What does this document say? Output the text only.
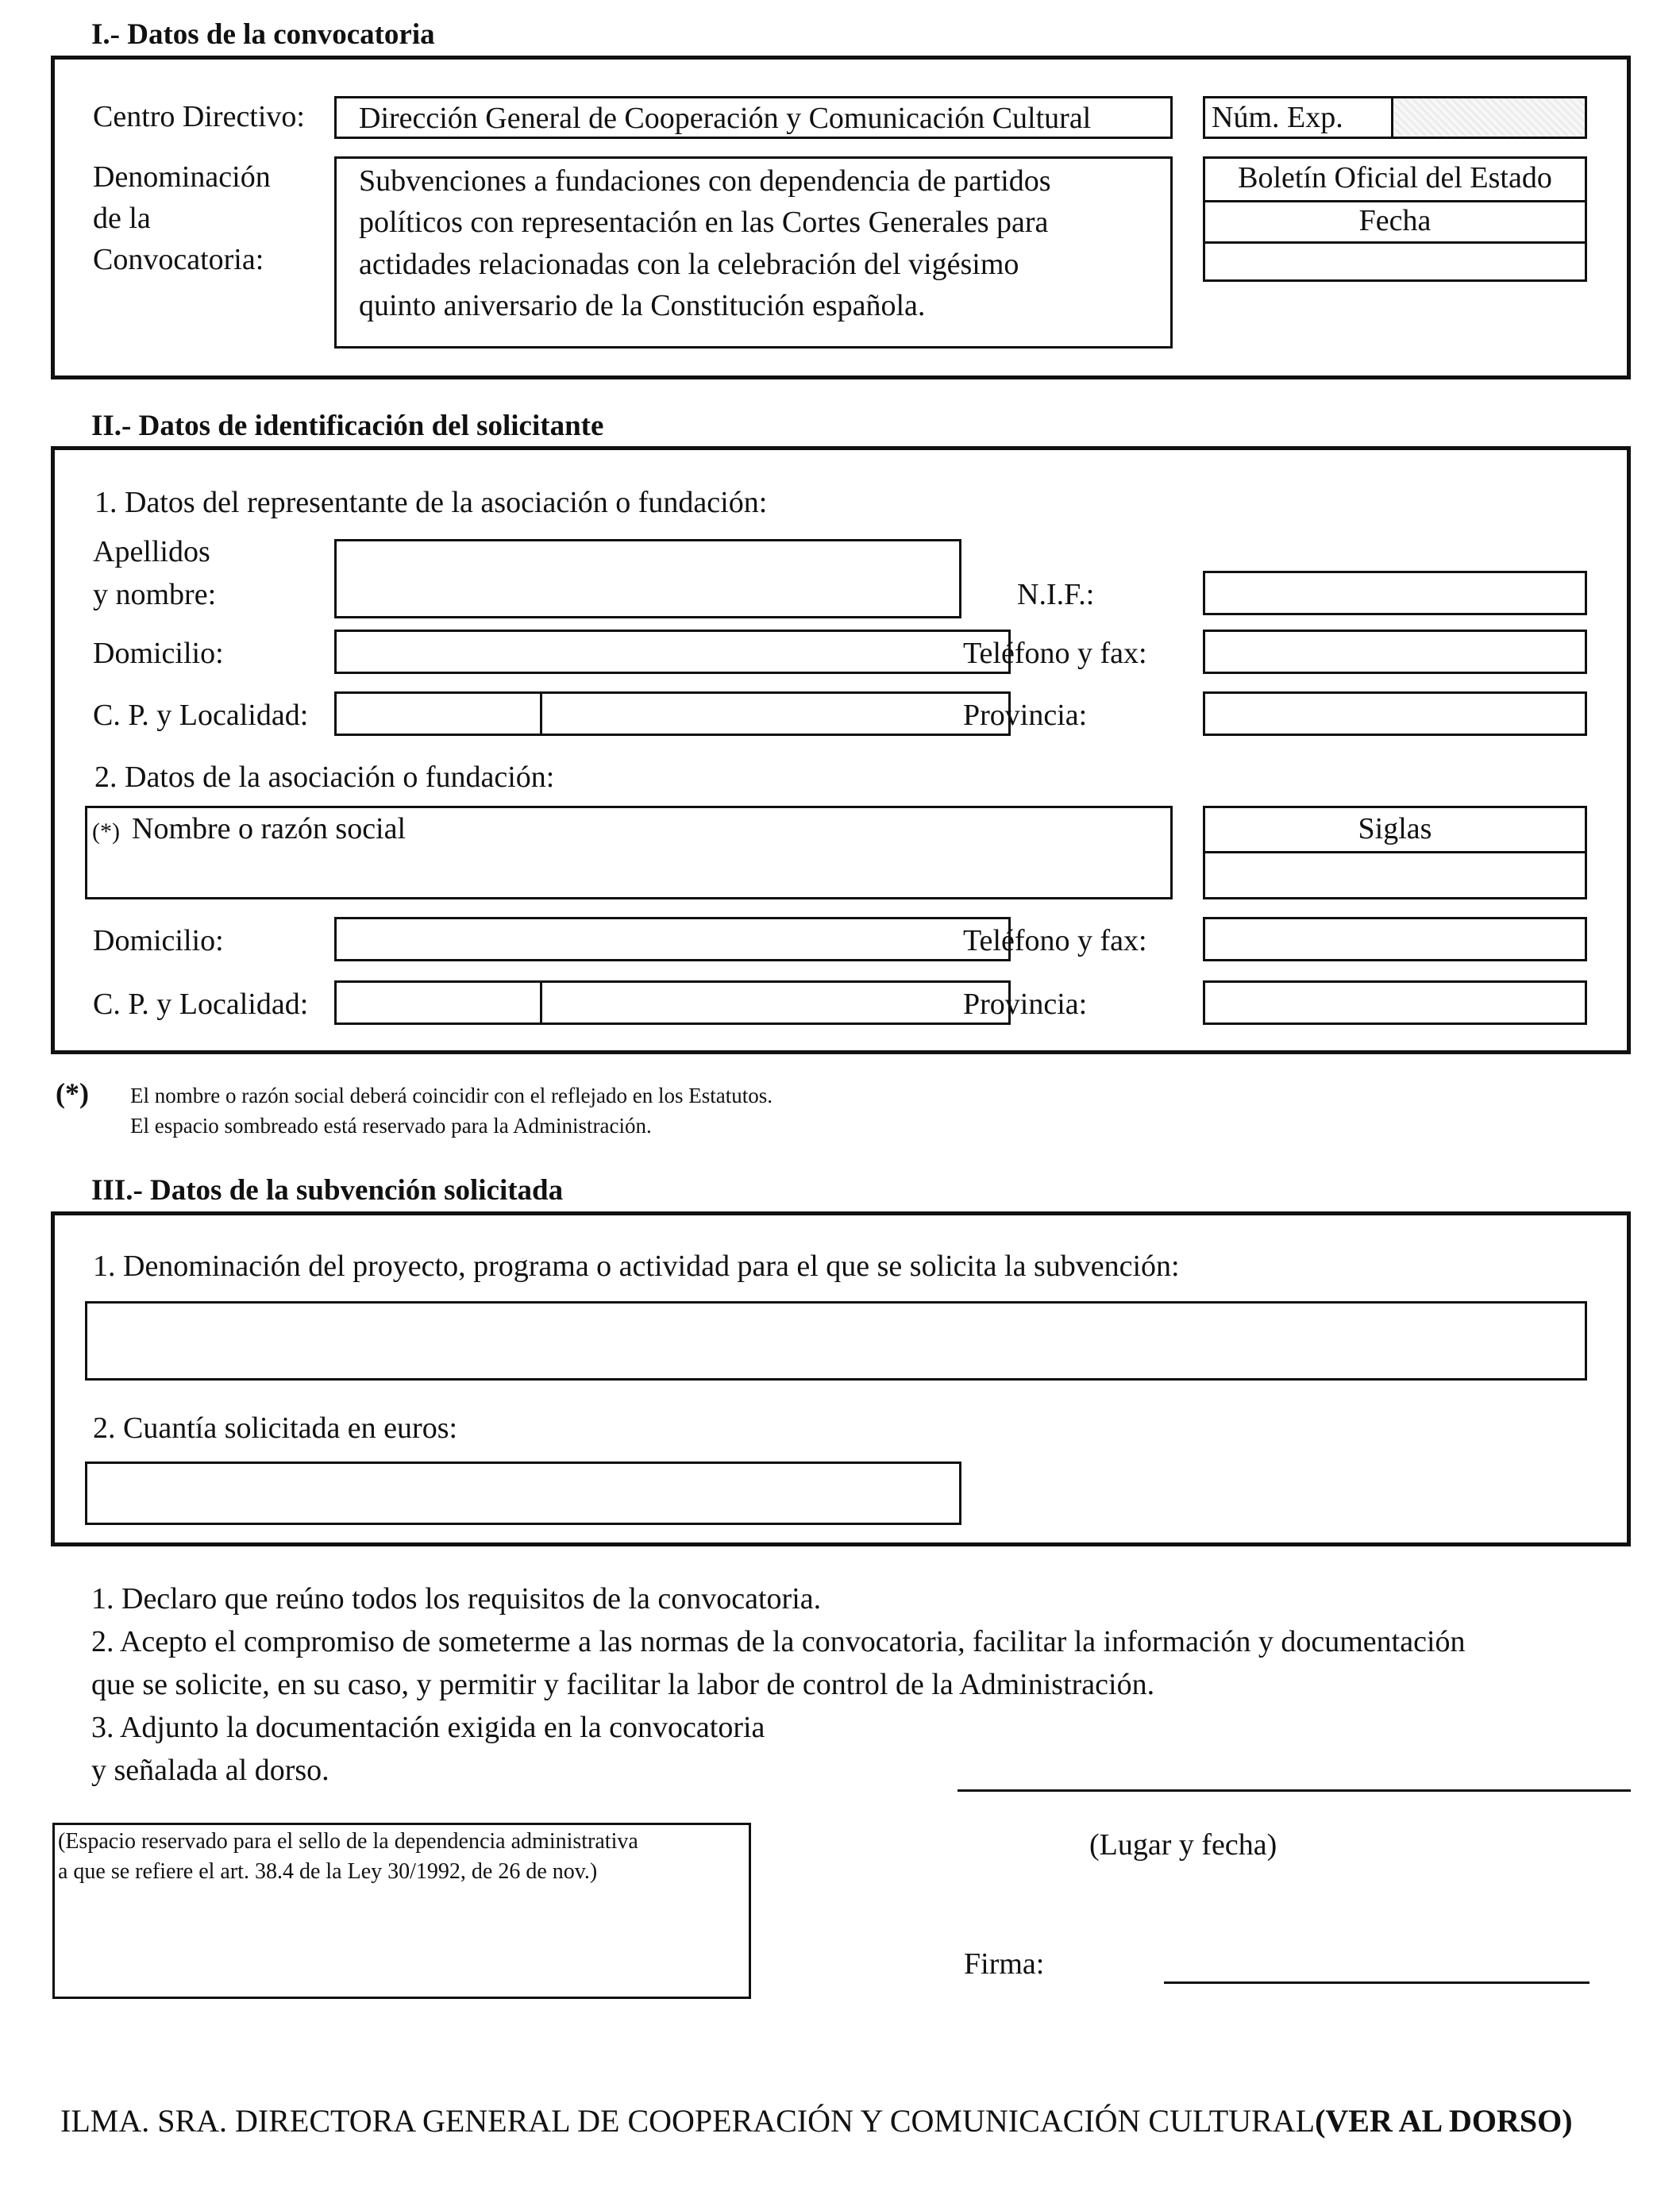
I.- Datos de la convocatoria
Centro Directivo:	Dirección General de Cooperación y Comunicación Cultural	Núm. Exp.
Denominación
de la
Convocatoria:
Subvenciones a fundaciones con dependencia de partidos
políticos con representación en las Cortes Generales para
actidades relacionadas con la celebración del vigésimo
quinto aniversario de la Constitución española.
Boletín Oficial del Estado
Fecha
II.- Datos de identificación del solicitante
1. Datos del representante de la asociación o fundación:
Apellidos
y nombre:	N.I.F.:
Domicilio:	Teléfono y fax:
C. P. y Localidad:	Provincia:
2. Datos de la asociación o fundación:
(*) Nombre o razón social	Siglas
Domicilio:	Teléfono y fax:
C. P. y Localidad:	Provincia:
(*) El nombre o razón social deberá coincidir con el reflejado en los Estatutos.
El espacio sombreado está reservado para la Administración.
III.- Datos de la subvención solicitada
1. Denominación del proyecto, programa o actividad para el que se solicita la subvención:
2. Cuantía solicitada en euros:
1. Declaro que reúno todos los requisitos de la convocatoria.
2. Acepto el compromiso de someterme a las normas de la convocatoria, facilitar la información y documentación
que se solicite, en su caso, y permitir y facilitar la labor de control de la Administración.
3. Adjunto la documentación exigida en la convocatoria
y señalada al dorso.
(Espacio reservado para el sello de la dependencia administrativa
a que se refiere el art. 38.4 de la Ley 30/1992, de 26 de nov.)
(Lugar y fecha)
Firma:
ILMA. SRA. DIRECTORA GENERAL DE COOPERACIÓN Y COMUNICACIÓN CULTURAL(VER AL DORSO)
